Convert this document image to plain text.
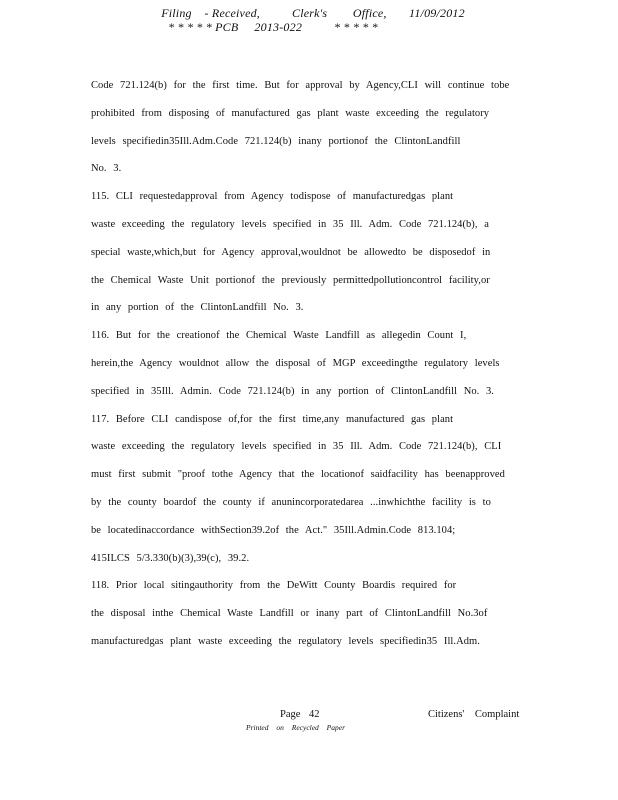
Filing    - Received,          Clerk's        Office,       11/09/2012
* * * * * PCB     2013-022          * * * * *
Code 721.124(b) for the first time. But for approval by Agency,CLI will continue tobe
prohibited from disposing of manufactured gas plant waste exceeding the regulatory
levels specifiedin35Ill.Adm.Code 721.124(b) inany portionof the ClintonLandfill
No. 3.
115. CLI requestedapproval from Agency todispose of manufacturedgas plant
waste exceeding the regulatory levels specified in 35 Ill. Adm. Code 721.124(b), a
special waste,which,but for Agency approval,wouldnot be allowedto be disposedof in
the Chemical Waste Unit portionof the previously permittedpollutioncontrol facility,or
in any portion of the ClintonLandfill No. 3.
116. But for the creationof the Chemical Waste Landfill as allegedin Count I,
herein,the Agency wouldnot allow the disposal of MGP exceedingthe regulatory levels
specified in 35Ill. Admin. Code 721.124(b) in any portion of ClintonLandfill No. 3.
117. Before CLI candispose of,for the first time,any manufactured gas plant
waste exceeding the regulatory levels specified in 35 Ill. Adm. Code 721.124(b), CLI
must first submit "proof tothe Agency that the locationof saidfacility has beenapproved
by the county boardof the county if anunincorporatedarea ...inwhichthe facility is to
be locatedinaccordance withSection39.2of the Act." 35Ill.Admin.Code 813.104;
415ILCS 5/3.330(b)(3),39(c), 39.2.
118. Prior local sitingauthority from the DeWitt County Boardis required for
the disposal inthe Chemical Waste Landfill or inany part of ClintonLandfill No.3of
manufacturedgas plant waste exceeding the regulatory levels specifiedin35 Ill.Adm.
Page 42	Citizens' Complaint
Printed on Recycled Paper
